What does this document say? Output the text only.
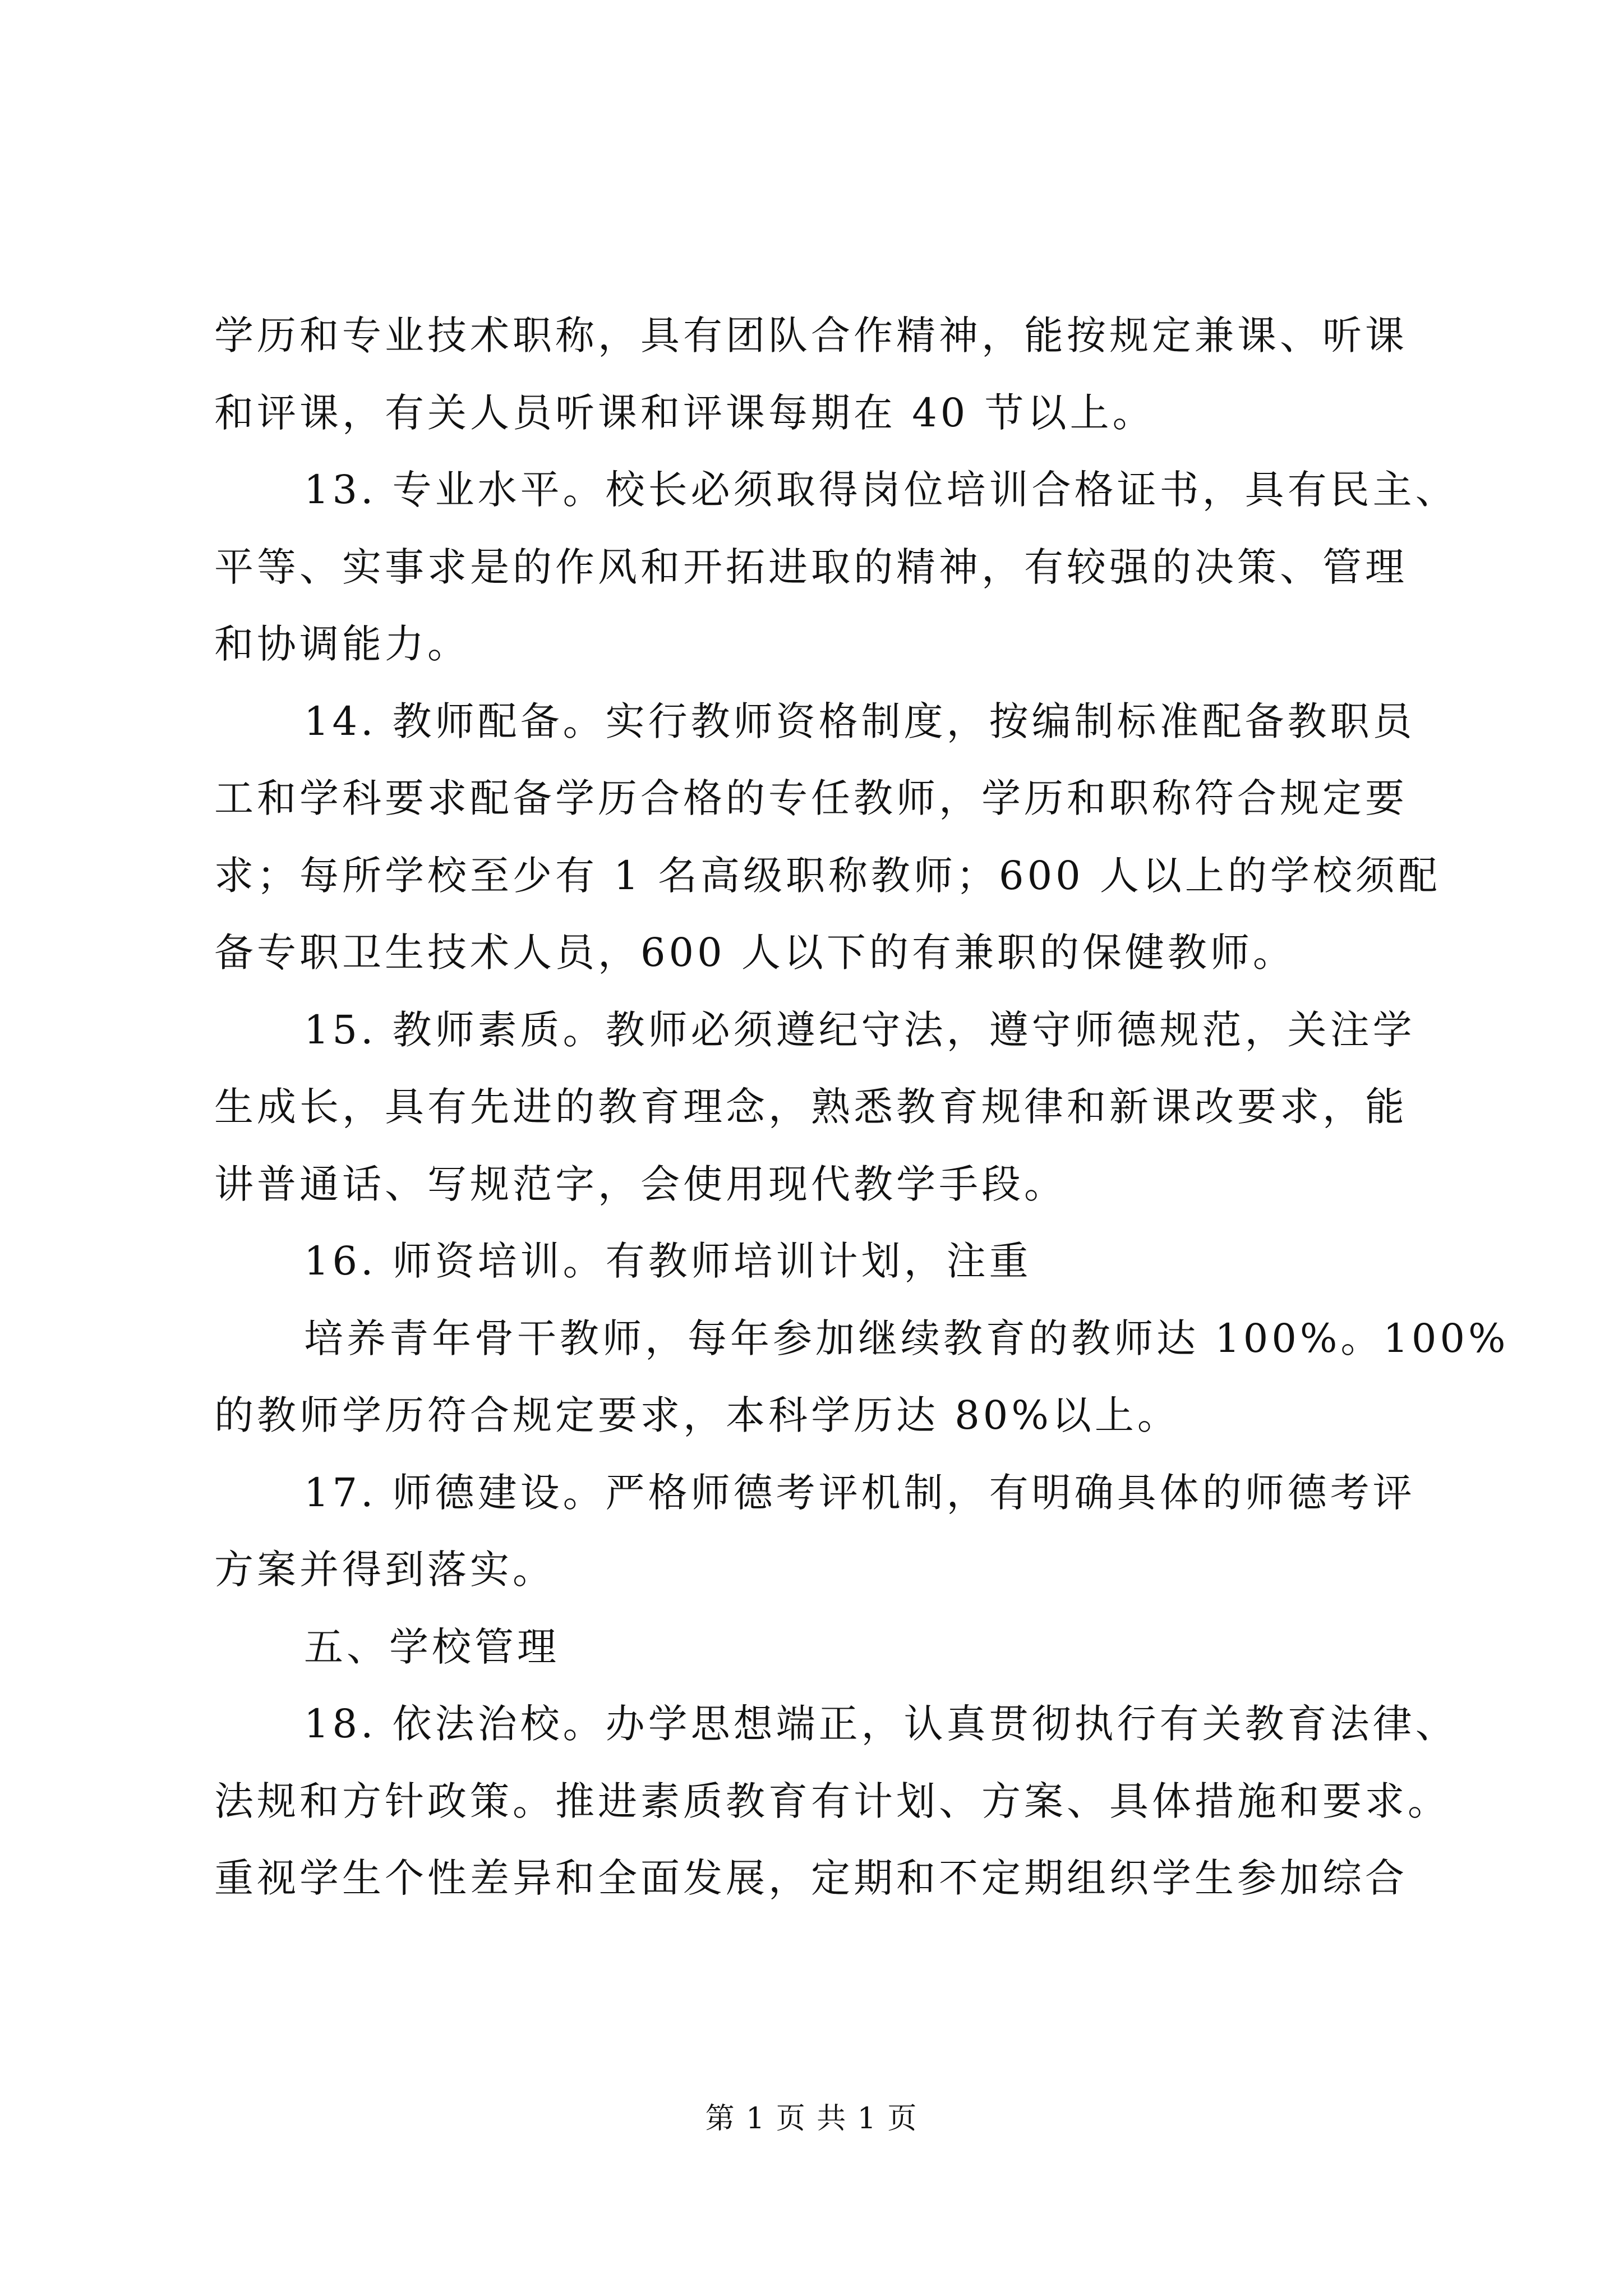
学历和专业技术职称，具有团队合作精神，能按规定兼课、听课
和评课，有关人员听课和评课每期在 40 节以上。
13. 专业水平。校长必须取得岗位培训合格证书，具有民主、
平等、实事求是的作风和开拓进取的精神，有较强的决策、管理
和协调能力。
14. 教师配备。实行教师资格制度，按编制标准配备教职员
工和学科要求配备学历合格的专任教师，学历和职称符合规定要
求；每所学校至少有 1 名高级职称教师；600 人以上的学校须配
备专职卫生技术人员，600 人以下的有兼职的保健教师。
15. 教师素质。教师必须遵纪守法，遵守师德规范，关注学
生成长，具有先进的教育理念，熟悉教育规律和新课改要求，能
讲普通话、写规范字，会使用现代教学手段。
16. 师资培训。有教师培训计划，注重
培养青年骨干教师，每年参加继续教育的教师达 100%。100%
的教师学历符合规定要求，本科学历达 80%以上。
17. 师德建设。严格师德考评机制，有明确具体的师德考评
方案并得到落实。
五、学校管理
18. 依法治校。办学思想端正，认真贯彻执行有关教育法律、
法规和方针政策。推进素质教育有计划、方案、具体措施和要求。
重视学生个性差异和全面发展，定期和不定期组织学生参加综合
第 1 页 共 1 页
